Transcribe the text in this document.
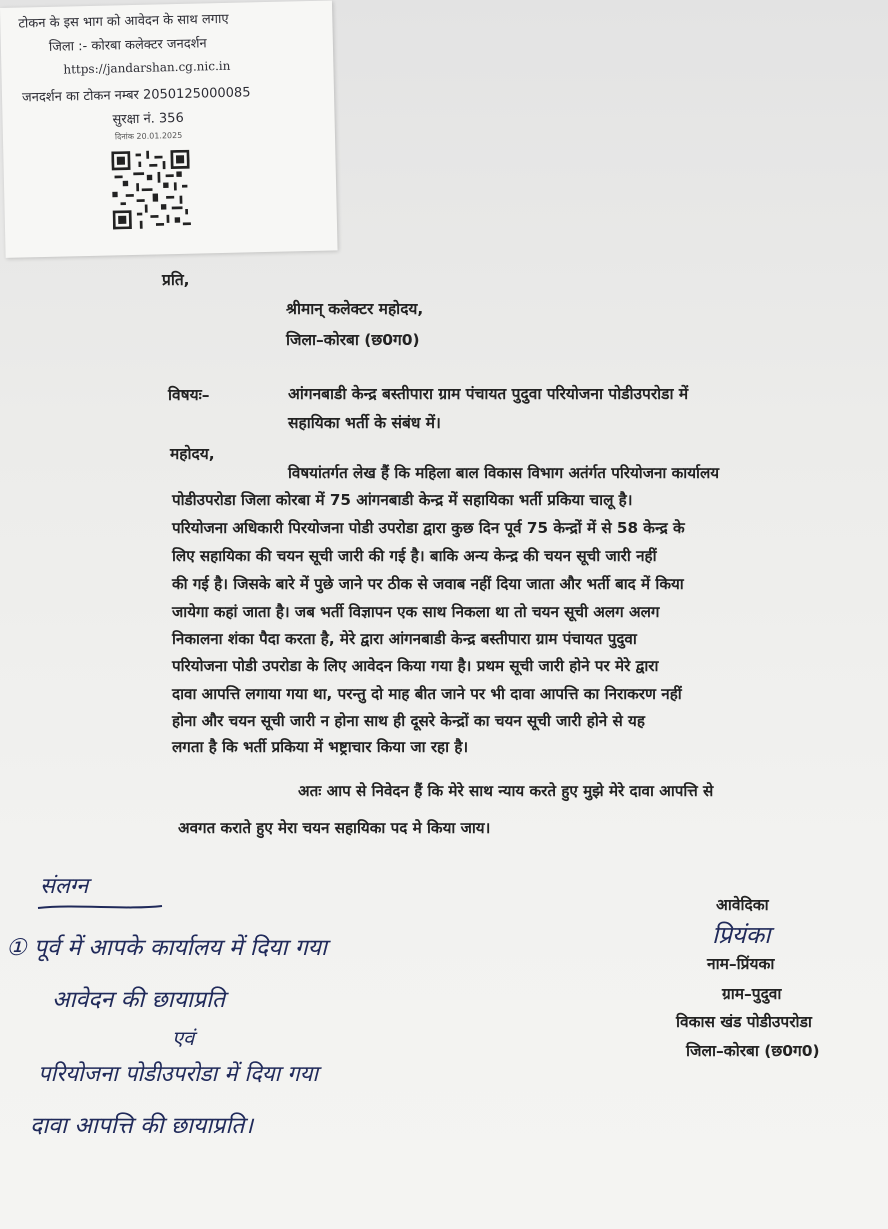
टोकन के इस भाग को आवेदन के साथ लगाए
जिला :- कोरबा कलेक्टर जनदर्शन
https://jandarshan.cg.nic.in
जनदर्शन का टोकन नम्बर 2050125000085
सुरक्षा नं. 356
दिनांक 20.01.2025
प्रति,
श्रीमान् कलेक्टर महोदय,
जिला–कोरबा (छ0ग0)
विषयः–	आंगनबाडी केन्द्र बस्तीपारा ग्राम पंचायत पुदुवा परियोजना पोडीउपरोडा में
सहायिका भर्ती के संबंध में।
महोदय,
विषयांतर्गत लेख हैं कि महिला बाल विकास विभाग अतंर्गत परियोजना कार्यालय
पोडीउपरोडा जिला कोरबा में 75 आंगनबाडी केन्द्र में सहायिका भर्ती प्रकिया चालू है।
परियोजना अधिकारी पिरयोजना पोडी उपरोडा द्वारा कुछ दिन पूर्व 75 केन्द्रों में से 58 केन्द्र के
लिए सहायिका की चयन सूची जारी की गई है। बाकि अन्य केन्द्र की चयन सूची जारी नहीं
की गई है। जिसके बारे में पुछे जाने पर ठीक से जवाब नहीं दिया जाता और भर्ती बाद में किया
जायेगा कहां जाता है। जब भर्ती विज्ञापन एक साथ निकला था तो चयन सूची अलग अलग
निकालना शंका पैदा करता है, मेरे द्वारा आंगनबाडी केन्द्र बस्तीपारा ग्राम पंचायत पुदुवा
परियोजना पोडी उपरोडा के लिए आवेदन किया गया है। प्रथम सूची जारी होने पर मेरे द्वारा
दावा आपत्ति लगाया गया था, परन्तु दो माह बीत जाने पर भी दावा आपत्ति का निराकरण नहीं
होना और चयन सूची जारी न होना साथ ही दूसरे केन्द्रों का चयन सूची जारी होने से यह
लगता है कि भर्ती प्रकिया में भष्ट्राचार किया जा रहा है।
अतः आप से निवेदन हैं कि मेरे साथ न्याय करते हुए मुझे मेरे दावा आपत्ति से
अवगत कराते हुए मेरा चयन सहायिका पद मे किया जाय।
संलग्न
① पूर्व में आपके कार्यालय में दिया गया
आवेदन की छायाप्रति
एवं
परियोजना पोडीउपरोडा में दिया गया
दावा आपत्ति की छायाप्रति।
आवेदिका
प्रियंका
नाम–प्रिंयका
ग्राम–पुदुवा
विकास खंड पोडीउपरोडा
जिला–कोरबा (छ0ग0)
